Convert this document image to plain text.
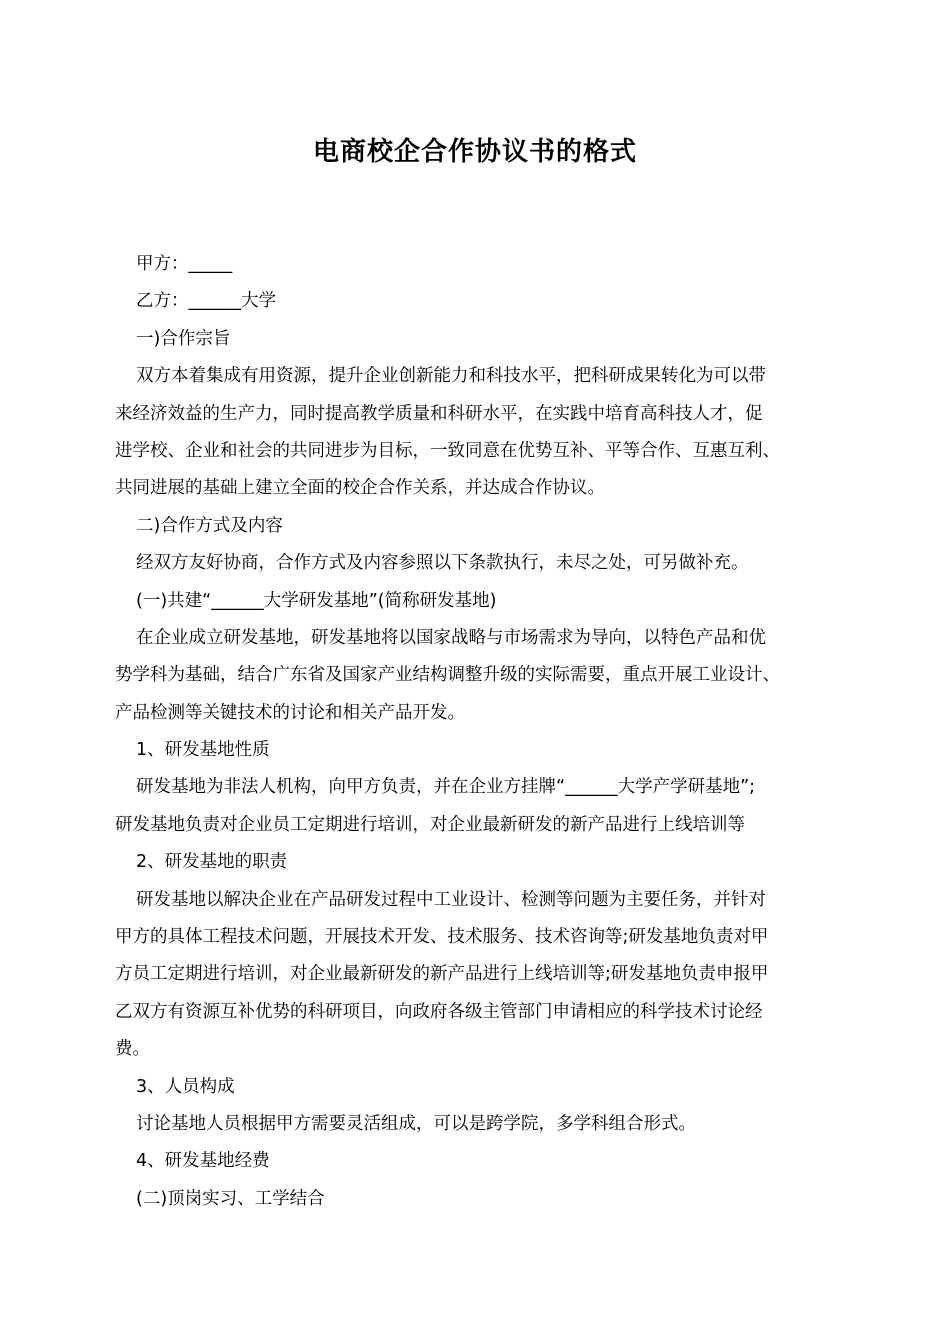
电商校企合作协议书的格式
甲方：_____
乙方：______大学
一)合作宗旨
双方本着集成有用资源，提升企业创新能力和科技水平，把科研成果转化为可以带
来经济效益的生产力，同时提高教学质量和科研水平，在实践中培育高科技人才，促
进学校、企业和社会的共同进步为目标，一致同意在优势互补、平等合作、互惠互利、
共同进展的基础上建立全面的校企合作关系，并达成合作协议。
二)合作方式及内容
经双方友好协商，合作方式及内容参照以下条款执行，未尽之处，可另做补充。
(一)共建“______大学研发基地”(简称研发基地)
在企业成立研发基地，研发基地将以国家战略与市场需求为导向，以特色产品和优
势学科为基础，结合广东省及国家产业结构调整升级的实际需要，重点开展工业设计、
产品检测等关键技术的讨论和相关产品开发。
1、研发基地性质
研发基地为非法人机构，向甲方负责，并在企业方挂牌“______大学产学研基地”;
研发基地负责对企业员工定期进行培训，对企业最新研发的新产品进行上线培训等
2、研发基地的职责
研发基地以解决企业在产品研发过程中工业设计、检测等问题为主要任务，并针对
甲方的具体工程技术问题，开展技术开发、技术服务、技术咨询等;研发基地负责对甲
方员工定期进行培训，对企业最新研发的新产品进行上线培训等;研发基地负责申报甲
乙双方有资源互补优势的科研项目，向政府各级主管部门申请相应的科学技术讨论经
费。
3、人员构成
讨论基地人员根据甲方需要灵活组成，可以是跨学院，多学科组合形式。
4、研发基地经费
(二)顶岗实习、工学结合
